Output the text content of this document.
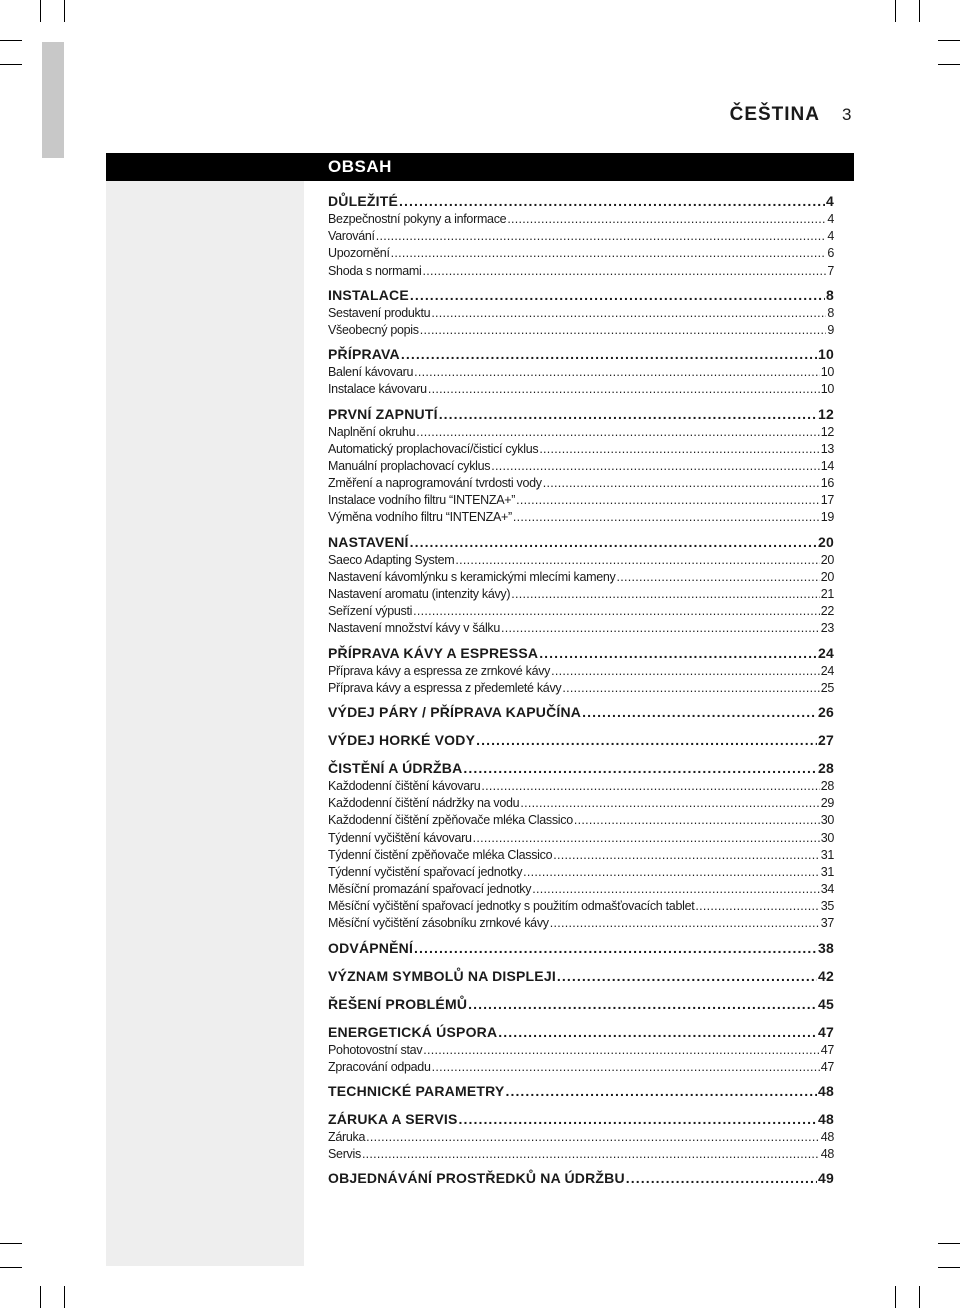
ČEŠTINA 3
OBSAH
DŮLEŽITÉ . . .	4
Bezpečnostní pokyny a informace . . .	4
Varování . . .	4
Upozornění . . .	6
Shoda s normami . . .	7
INSTALACE . . .	8
Sestavení produktu . . .	8
Všeobecný popis . . .	9
PŘÍPRAVA . . .	10
Balení kávovaru . . .	10
Instalace kávovaru . . .	10
PRVNÍ ZAPNUTÍ . . .	12
Naplnění okruhu . . .	12
Automatický proplachovací/čisticí cyklus . . .	13
Manuální proplachovací cyklus . . .	14
Změření a naprogramování tvrdosti vody . . .	16
Instalace vodního filtru “INTENZA+” . . .	17
Výměna vodního filtru “INTENZA+” . . .	19
NASTAVENÍ . . .	20
Saeco Adapting System . . .	20
Nastavení kávomlýnku s keramickými mlecími kameny . . .	20
Nastavení aromatu (intenzity kávy) . . .	21
Seřízení výpusti . . .	22
Nastavení množství kávy v šálku . . .	23
PŘÍPRAVA KÁVY A ESPRESSA . . .	24
Příprava kávy a espressa ze zrnkové kávy . . .	24
Příprava kávy a espressa z předemleté kávy . . .	25
VÝDEJ PÁRY / PŘÍPRAVA KAPUČÍNA . . .	26
VÝDEJ HORKÉ VODY . . .	27
ČISTĚNÍ A ÚDRŽBA . . .	28
Každodenní čištění kávovaru . . .	28
Každodenní čištění nádržky na vodu . . .	29
Každodenní čištění zpěňovače mléka Classico . . .	30
Týdenní vyčištění kávovaru . . .	30
Týdenní čistění zpěňovače mléka Classico . . .	31
Týdenní vyčistění spařovací jednotky . . .	31
Měsíční promazání spařovací jednotky . . .	34
Měsíční vyčištění spařovací jednotky s použitím odmašťovacích tablet . . .	35
Měsíční vyčištění zásobníku zrnkové kávy . . .	37
ODVÁPNĚNÍ . . .	38
VÝZNAM SYMBOLŮ NA DISPLEJI . . .	42
ŘEŠENÍ PROBLÉMŮ . . .	45
ENERGETICKÁ ÚSPORA . . .	47
Pohotovostní stav . . .	47
Zpracování odpadu . . .	47
TECHNICKÉ PARAMETRY . . .	48
ZÁRUKA A SERVIS . . .	48
Záruka . . .	48
Servis . . .	48
OBJEDNÁVÁNÍ PROSTŘEDKŮ NA ÚDRŽBU . . .	49
